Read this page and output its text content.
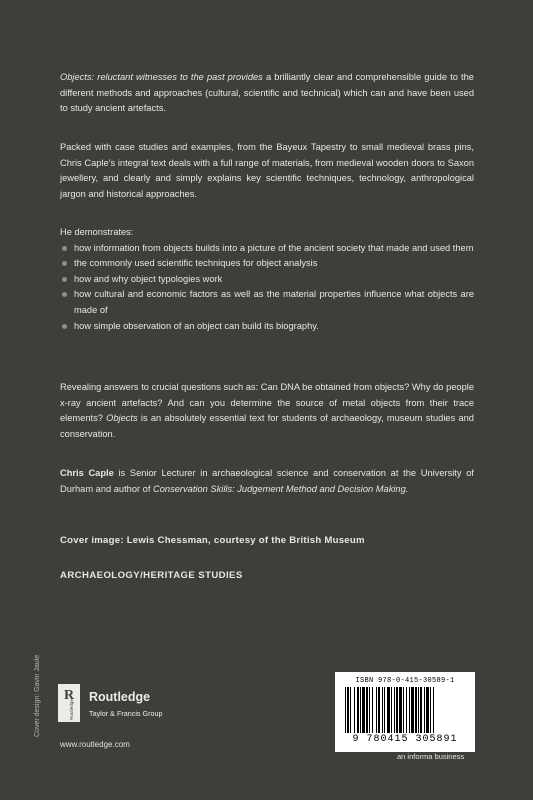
Objects: reluctant witnesses to the past provides a brilliantly clear and comprehensible guide to the different methods and approaches (cultural, scientific and technical) which can and have been used to study ancient artefacts.
Packed with case studies and examples, from the Bayeux Tapestry to small medieval brass pins, Chris Caple’s integral text deals with a full range of materials, from medieval wooden doors to Saxon jewellery, and clearly and simply explains key scientific techniques, technology, anthropological jargon and historical approaches.
He demonstrates:
how information from objects builds into a picture of the ancient society that made and used them
the commonly used scientific techniques for object analysis
how and why object typologies work
how cultural and economic factors as well as the material properties influence what objects are made of
how simple observation of an object can build its biography.
Revealing answers to crucial questions such as: Can DNA be obtained from objects? Why do people x-ray ancient artefacts? And can you determine the source of metal objects from their trace elements? Objects is an absolutely essential text for students of archaeology, museum studies and conservation.
Chris Caple is Senior Lecturer in archaeological science and conservation at the University of Durham and author of Conservation Skills: Judgement Method and Decision Making.
Cover image: Lewis Chessman, courtesy of the British Museum
ARCHAEOLOGY/HERITAGE STUDIES
Cover design: Gavin Jaule R
Routledge
Routledge
Taylor & Francis Group
www.routledge.com
ISBN 978-0-415-30589-1
9 780415 305891
an informa business
